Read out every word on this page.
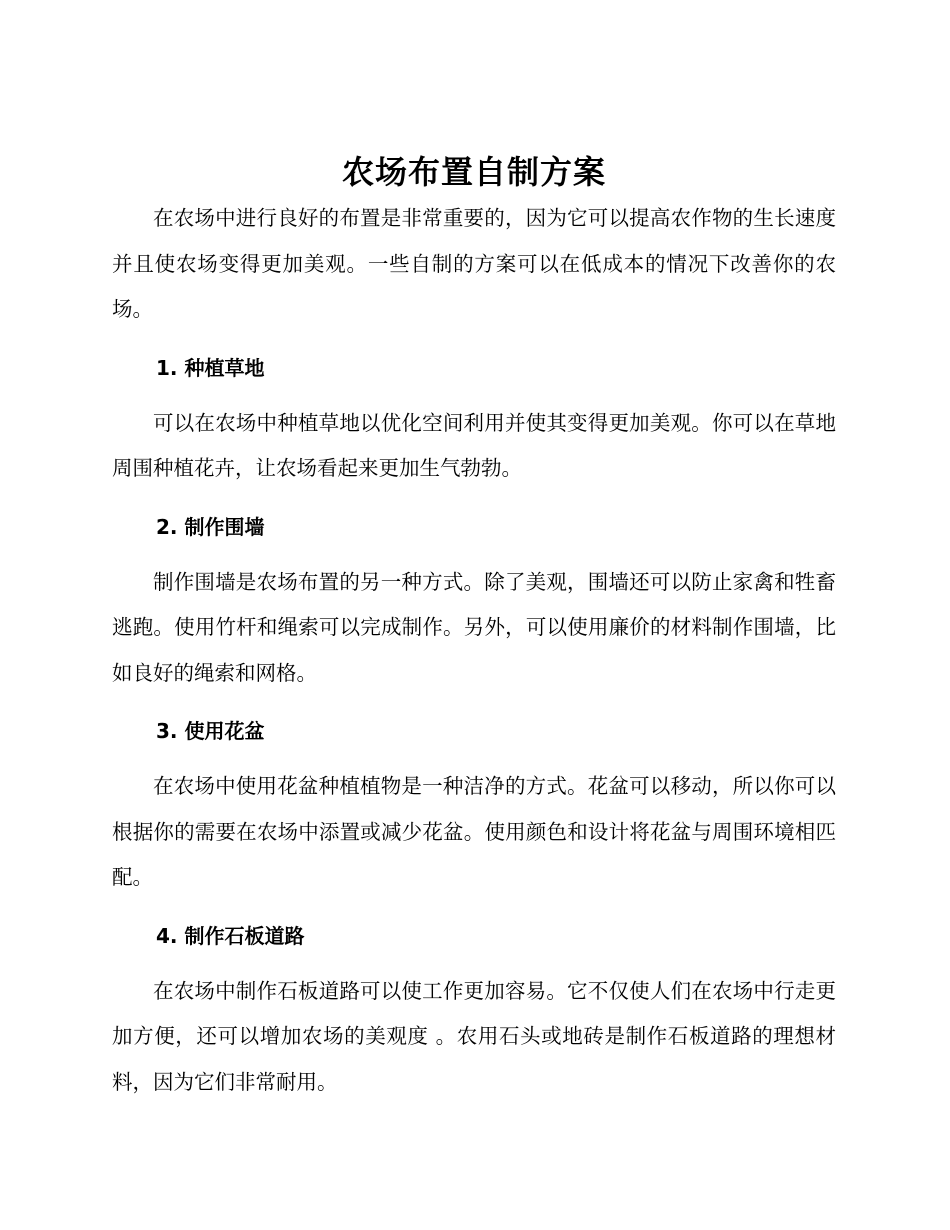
农场布置自制方案

在农场中进行良好的布置是非常重要的，因为它可以提高农作物的生长速度并且使农场变得更加美观。一些自制的方案可以在低成本的情况下改善你的农场。

1. 种植草地

可以在农场中种植草地以优化空间利用并使其变得更加美观。你可以在草地周围种植花卉，让农场看起来更加生气勃勃。

2. 制作围墙

制作围墙是农场布置的另一种方式。除了美观，围墙还可以防止家禽和牲畜逃跑。使用竹杆和绳索可以完成制作。另外，可以使用廉价的材料制作围墙，比如良好的绳索和网格。

3. 使用花盆

在农场中使用花盆种植植物是一种洁净的方式。花盆可以移动，所以你可以根据你的需要在农场中添置或减少花盆。使用颜色和设计将花盆与周围环境相匹配。

4. 制作石板道路

在农场中制作石板道路可以使工作更加容易。它不仅使人们在农场中行走更加方便，还可以增加农场的美观度 。农用石头或地砖是制作石板道路的理想材料，因为它们非常耐用。
